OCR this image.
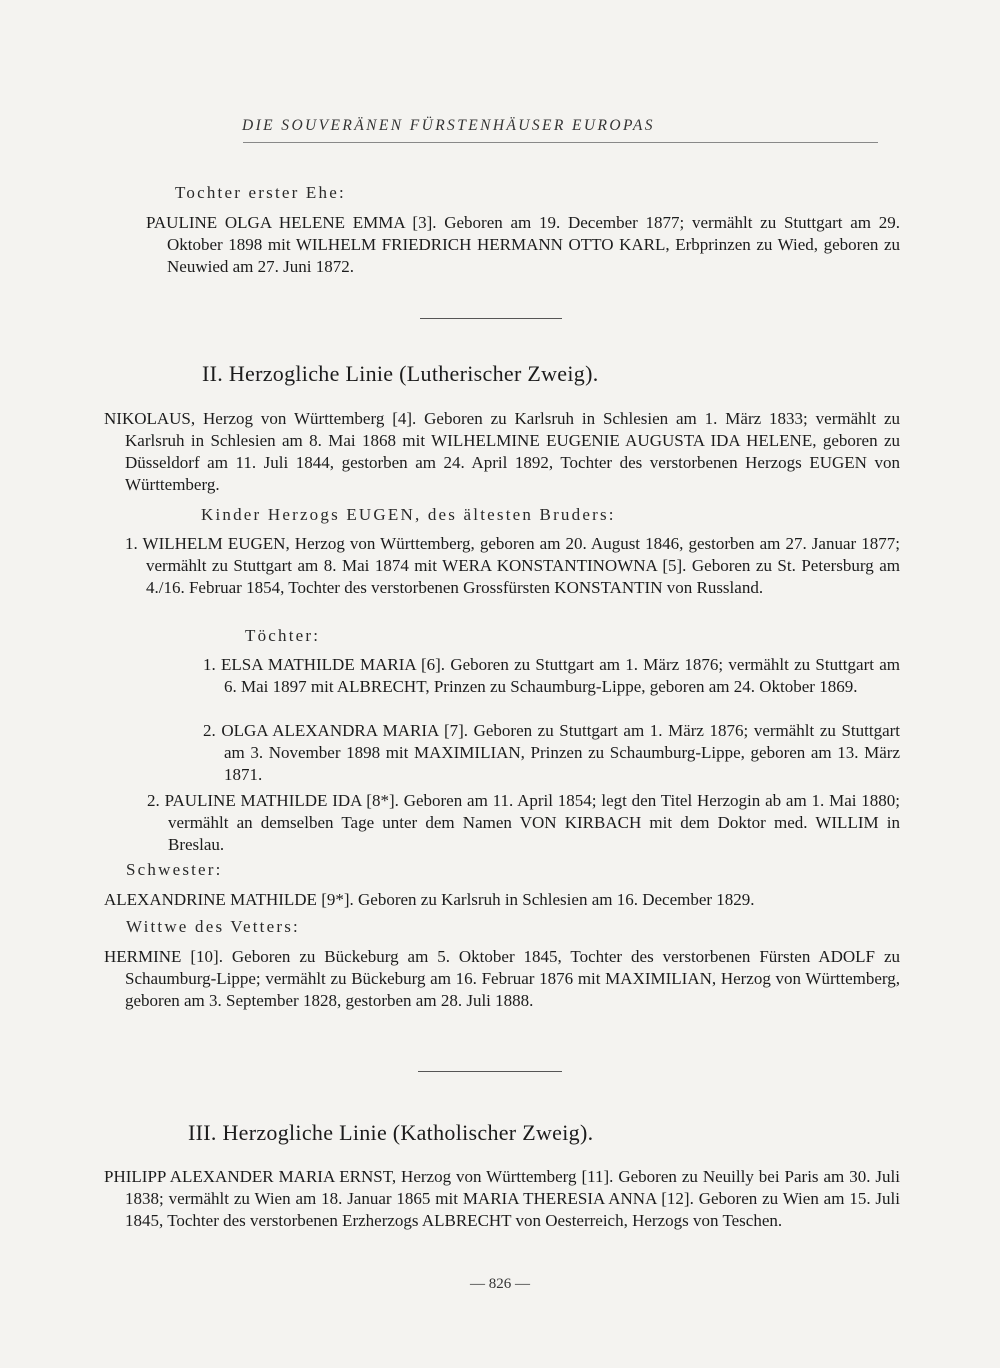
DIE SOUVERÄNEN FÜRSTENHÄUSER EUROPAS
Tochter erster Ehe:
PAULINE OLGA HELENE EMMA [3]. Geboren am 19. December 1877; vermählt zu Stuttgart am 29. Oktober 1898 mit WILHELM FRIEDRICH HERMANN OTTO KARL, Erbprinzen zu Wied, geboren zu Neuwied am 27. Juni 1872.
II. Herzogliche Linie (Lutherischer Zweig).
NIKOLAUS, Herzog von Württemberg [4]. Geboren zu Karlsruh in Schlesien am 1. März 1833; vermählt zu Karlsruh in Schlesien am 8. Mai 1868 mit WILHELMINE EUGENIE AUGUSTA IDA HELENE, geboren zu Düsseldorf am 11. Juli 1844, gestorben am 24. April 1892, Tochter des verstorbenen Herzogs EUGEN von Württemberg.
Kinder Herzogs EUGEN, des ältesten Bruders:
1. WILHELM EUGEN, Herzog von Württemberg, geboren am 20. August 1846, gestorben am 27. Januar 1877; vermählt zu Stuttgart am 8. Mai 1874 mit WERA KONSTANTINOWNA [5]. Geboren zu St. Petersburg am 4./16. Februar 1854, Tochter des verstorbenen Grossfürsten KONSTANTIN von Russland.
Töchter:
1. ELSA MATHILDE MARIA [6]. Geboren zu Stuttgart am 1. März 1876; vermählt zu Stuttgart am 6. Mai 1897 mit ALBRECHT, Prinzen zu Schaumburg-Lippe, geboren am 24. Oktober 1869.
2. OLGA ALEXANDRA MARIA [7]. Geboren zu Stuttgart am 1. März 1876; vermählt zu Stuttgart am 3. November 1898 mit MAXIMILIAN, Prinzen zu Schaumburg-Lippe, geboren am 13. März 1871.
2. PAULINE MATHILDE IDA [8*]. Geboren am 11. April 1854; legt den Titel Herzogin ab am 1. Mai 1880; vermählt an demselben Tage unter dem Namen VON KIRBACH mit dem Doktor med. WILLIM in Breslau.
Schwester:
ALEXANDRINE MATHILDE [9*]. Geboren zu Karlsruh in Schlesien am 16. December 1829.
Wittwe des Vetters:
HERMINE [10]. Geboren zu Bückeburg am 5. Oktober 1845, Tochter des verstorbenen Fürsten ADOLF zu Schaumburg-Lippe; vermählt zu Bückeburg am 16. Februar 1876 mit MAXIMILIAN, Herzog von Württemberg, geboren am 3. September 1828, gestorben am 28. Juli 1888.
III. Herzogliche Linie (Katholischer Zweig).
PHILIPP ALEXANDER MARIA ERNST, Herzog von Württemberg [11]. Geboren zu Neuilly bei Paris am 30. Juli 1838; vermählt zu Wien am 18. Januar 1865 mit MARIA THERESIA ANNA [12]. Geboren zu Wien am 15. Juli 1845, Tochter des verstorbenen Erzherzogs ALBRECHT von Oesterreich, Herzogs von Teschen.
— 826 —
